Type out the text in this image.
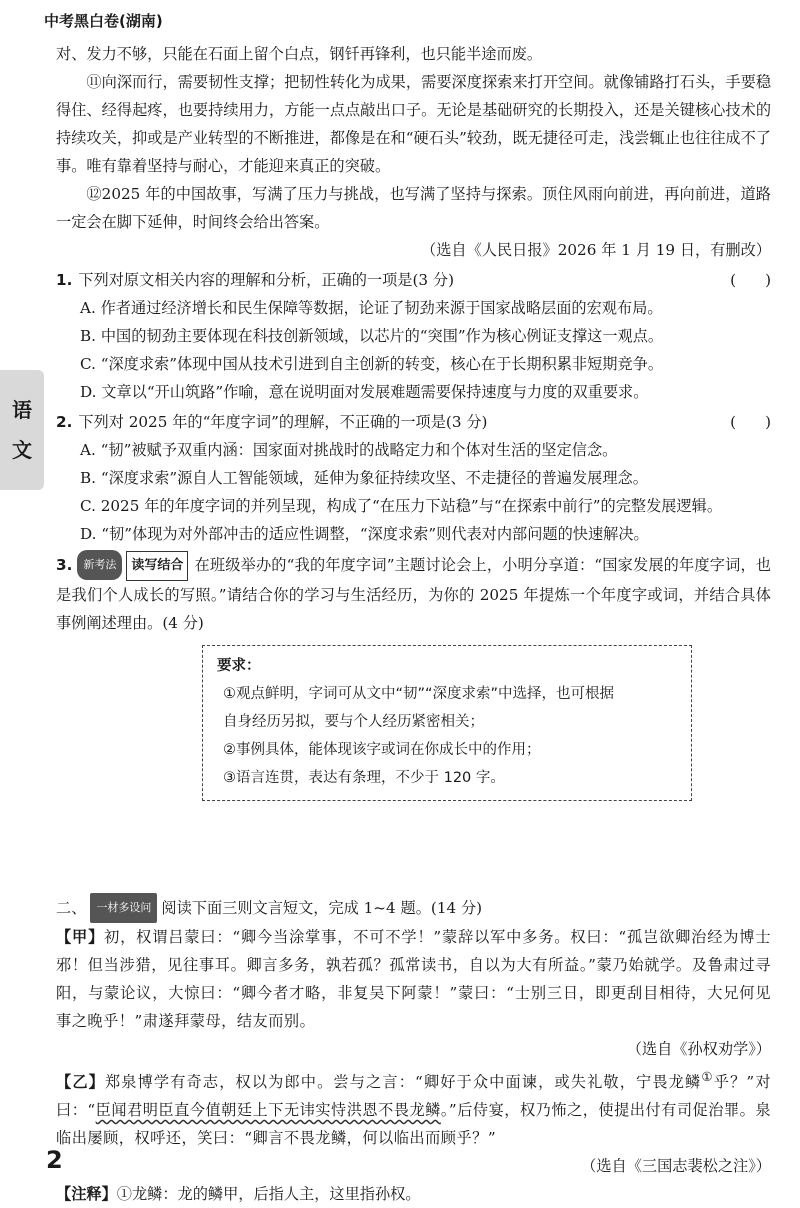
中考黑白卷(湖南)
语
文

对、发力不够，只能在石面上留个白点，钢钎再锋利，也只能半途而废。

⑪向深而行，需要韧性支撑；把韧性转化为成果，需要深度探索来打开空间。就像铺路打石头，手要稳得住、经得起疼，也要持续用力，方能一点点敲出口子。无论是基础研究的长期投入，还是关键核心技术的持续攻关，抑或是产业转型的不断推进，都像是在和“硬石头”较劲，既无捷径可走，浅尝辄止也往往成不了事。唯有靠着坚持与耐心，才能迎来真正的突破。

⑫2025 年的中国故事，写满了压力与挑战，也写满了坚持与探索。顶住风雨向前进，再向前进，道路一定会在脚下延伸，时间终会给出答案。

（选自《人民日报》2026 年 1 月 19 日，有删改）

1. 下列对原文相关内容的理解和分析，正确的一项是(3 分)	(      )
A. 作者通过经济增长和民生保障等数据，论证了韧劲来源于国家战略层面的宏观布局。
B. 中国的韧劲主要体现在科技创新领域，以芯片的“突围”作为核心例证支撑这一观点。
C. “深度求索”体现中国从技术引进到自主创新的转变，核心在于长期积累非短期竞争。
D. 文章以“开山筑路”作喻，意在说明面对发展难题需要保持速度与力度的双重要求。
2. 下列对 2025 年的“年度字词”的理解，不正确的一项是(3 分)	(      )
A. “韧”被赋予双重内涵：国家面对挑战时的战略定力和个体对生活的坚定信念。
B. “深度求索”源自人工智能领域，延伸为象征持续攻坚、不走捷径的普遍发展理念。
C. 2025 年的年度字词的并列呈现，构成了“在压力下站稳”与“在探索中前行”的完整发展逻辑。
D. “韧”体现为对外部冲击的适应性调整，“深度求索”则代表对内部问题的快速解决。

3. 新考法 读写结合 在班级举办的“我的年度字词”主题讨论会上，小明分享道：“国家发展的年度字词，也是我们个人成长的写照。”请结合你的学习与生活经历，为你的 2025 年提炼一个年度字或词，并结合具体事例阐述理由。(4 分)

要求：

①观点鲜明，字词可从文中“韧”“深度求索”中选择，也可根据

自身经历另拟，要与个人经历紧密相关；

②事例具体，能体现该字或词在你成长中的作用；

③语言连贯，表达有条理，不少于 120 字。

二、 一材多设问 阅读下面三则文言短文，完成 1~4 题。(14 分)

【甲】初，权谓吕蒙曰：“卿今当涂掌事，不可不学！”蒙辞以军中多务。权曰：“孤岂欲卿治经为博士邪！但当涉猎，见往事耳。卿言多务，孰若孤？孤常读书，自以为大有所益。”蒙乃始就学。及鲁肃过寻阳，与蒙论议，大惊曰：“卿今者才略，非复吴下阿蒙！”蒙曰：“士别三日，即更刮目相待，大兄何见事之晚乎！”肃遂拜蒙母，结友而别。

（选自《孙权劝学》）

【乙】郑泉博学有奇志，权以为郎中。尝与之言：“卿好于众中面谏，或失礼敬，宁畏龙鳞①乎？”对曰：“臣闻君明臣直今值朝廷上下无讳实恃洪恩不畏龙鳞。”后侍宴，权乃怖之，使提出付有司促治罪。泉临出屡顾，权呼还，笑曰：“卿言不畏龙鳞，何以临出而顾乎？”

（选自《三国志裴松之注》）

【注释】①龙鳞：龙的鳞甲，后指人主，这里指孙权。

2
